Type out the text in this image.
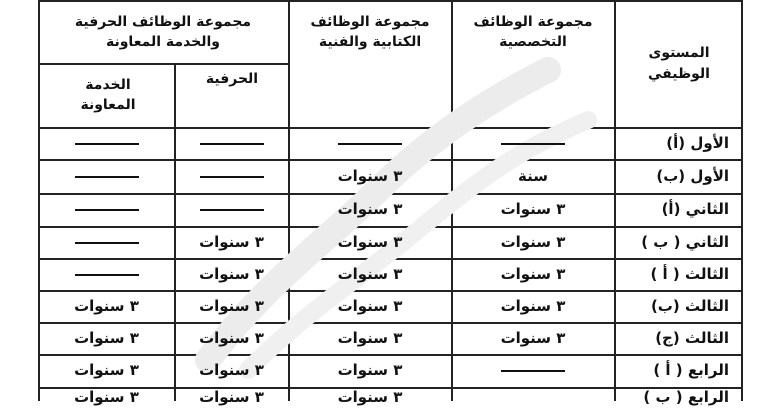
المستوى الوظيفي
مجموعة الوظائف التخصصية
مجموعة الوظائف الكتابية والفنية
مجموعة الوظائف الحرفية والخدمة المعاونة
الحرفية
الخدمة المعاونة
الأول (أ)
الأول (ب)
سنة
٣ سنوات
الثاني (أ)
٣ سنوات
٣ سنوات
الثاني ( ب )
٣ سنوات
٣ سنوات
٣ سنوات
الثالث ( أ )
٣ سنوات
٣ سنوات
٣ سنوات
الثالث (ب)
٣ سنوات
٣ سنوات
٣ سنوات
٣ سنوات
الثالث (ج)
٣ سنوات
٣ سنوات
٣ سنوات
٣ سنوات
الرابع ( أ )
٣ سنوات
٣ سنوات
٣ سنوات
الرابع ( ب )
٣ سنوات
٣ سنوات
٣ سنوات
